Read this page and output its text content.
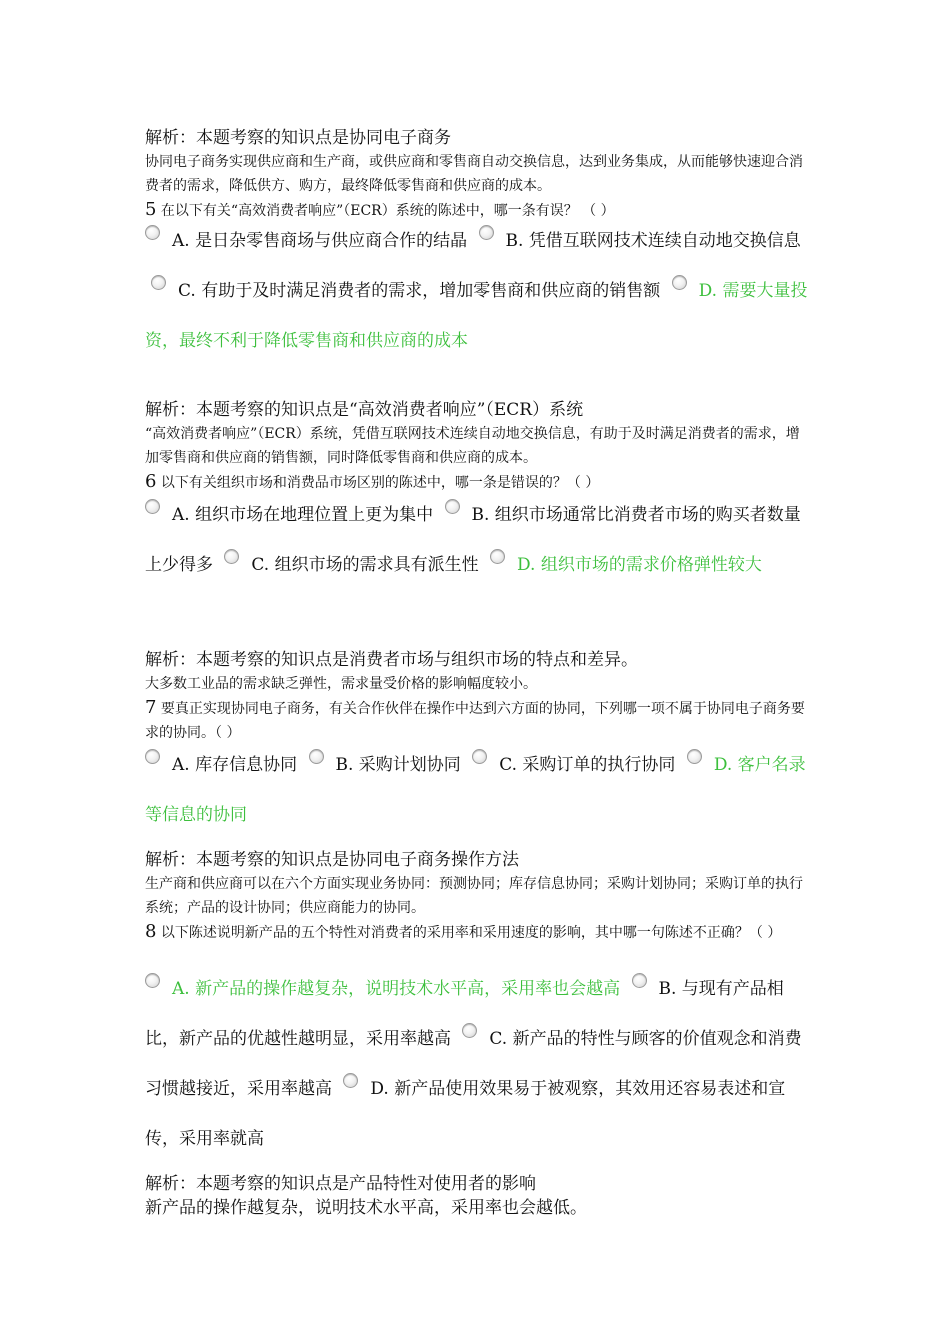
解析：本题考察的知识点是协同电子商务
协同电子商务实现供应商和生产商，或供应商和零售商自动交换信息，达到业务集成，从而能够快速迎合消费者的需求，降低供方、购方，最终降低零售商和供应商的成本。
5 在以下有关“高效消费者响应”（ECR）系统的陈述中，哪一条有误？ （ ）
A. 是日杂零售商场与供应商合作的结晶 B. 凭借互联网技术连续自动地交换信息 C. 有助于及时满足消费者的需求，增加零售商和供应商的销售额 D. 需要大量投资，最终不利于降低零售商和供应商的成本
解析：本题考察的知识点是“高效消费者响应”（ECR）系统
“高效消费者响应”（ECR）系统，凭借互联网技术连续自动地交换信息，有助于及时满足消费者的需求，增加零售商和供应商的销售额，同时降低零售商和供应商的成本。
6 以下有关组织市场和消费品市场区别的陈述中，哪一条是错误的？（ ）
A. 组织市场在地理位置上更为集中 B. 组织市场通常比消费者市场的购买者数量上少得多 C. 组织市场的需求具有派生性 D. 组织市场的需求价格弹性较大
解析：本题考察的知识点是消费者市场与组织市场的特点和差异。
大多数工业品的需求缺乏弹性，需求量受价格的影响幅度较小。
7 要真正实现协同电子商务，有关合作伙伴在操作中达到六方面的协同，下列哪一项不属于协同电子商务要求的协同。（ ）
A. 库存信息协同 B. 采购计划协同 C. 采购订单的执行协同 D. 客户名录等信息的协同
解析：本题考察的知识点是协同电子商务操作方法
生产商和供应商可以在六个方面实现业务协同：预测协同；库存信息协同；采购计划协同；采购订单的执行系统；产品的设计协同；供应商能力的协同。
8 以下陈述说明新产品的五个特性对消费者的采用率和采用速度的影响，其中哪一句陈述不正确？（ ）
A. 新产品的操作越复杂，说明技术水平高，采用率也会越高 B. 与现有产品相比，新产品的优越性越明显，采用率越高 C. 新产品的特性与顾客的价值观念和消费习惯越接近，采用率越高 D. 新产品使用效果易于被观察，其效用还容易表述和宣传，采用率就高
解析：本题考察的知识点是产品特性对使用者的影响
新产品的操作越复杂，说明技术水平高，采用率也会越低。
